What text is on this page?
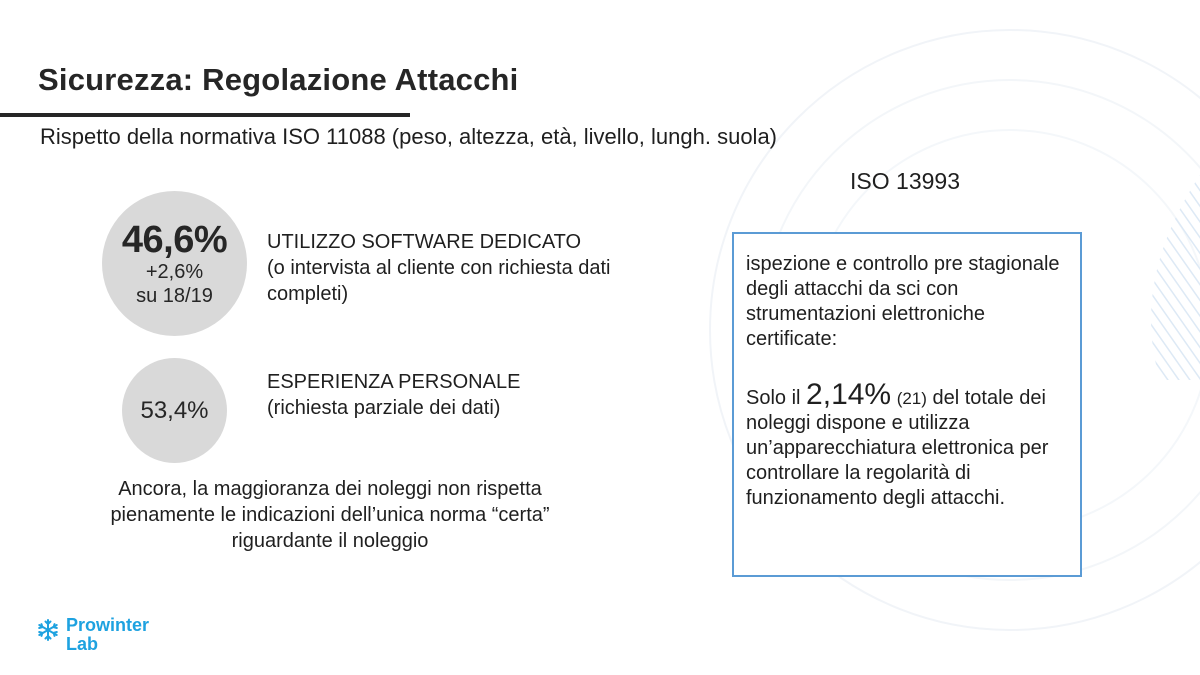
Sicurezza: Regolazione Attacchi
Rispetto della normativa ISO 11088 (peso, altezza, età, livello, lungh. suola)
46,6%
+2,6%
su 18/19
UTILIZZO SOFTWARE DEDICATO
(o intervista al cliente con richiesta dati completi)
53,4%
ESPERIENZA PERSONALE
(richiesta parziale dei dati)
Ancora, la maggioranza dei noleggi non rispetta pienamente le indicazioni dell’unica norma “certa” riguardante il noleggio
ISO 13993

ispezione e controllo pre stagionale degli attacchi da sci con strumentazioni elettroniche certificate:

Solo il 2,14% (21) del totale dei noleggi dispone e utilizza un’apparecchiatura elettronica per controllare la regolarità di funzionamento degli attacchi.

Prowinter
Lab
